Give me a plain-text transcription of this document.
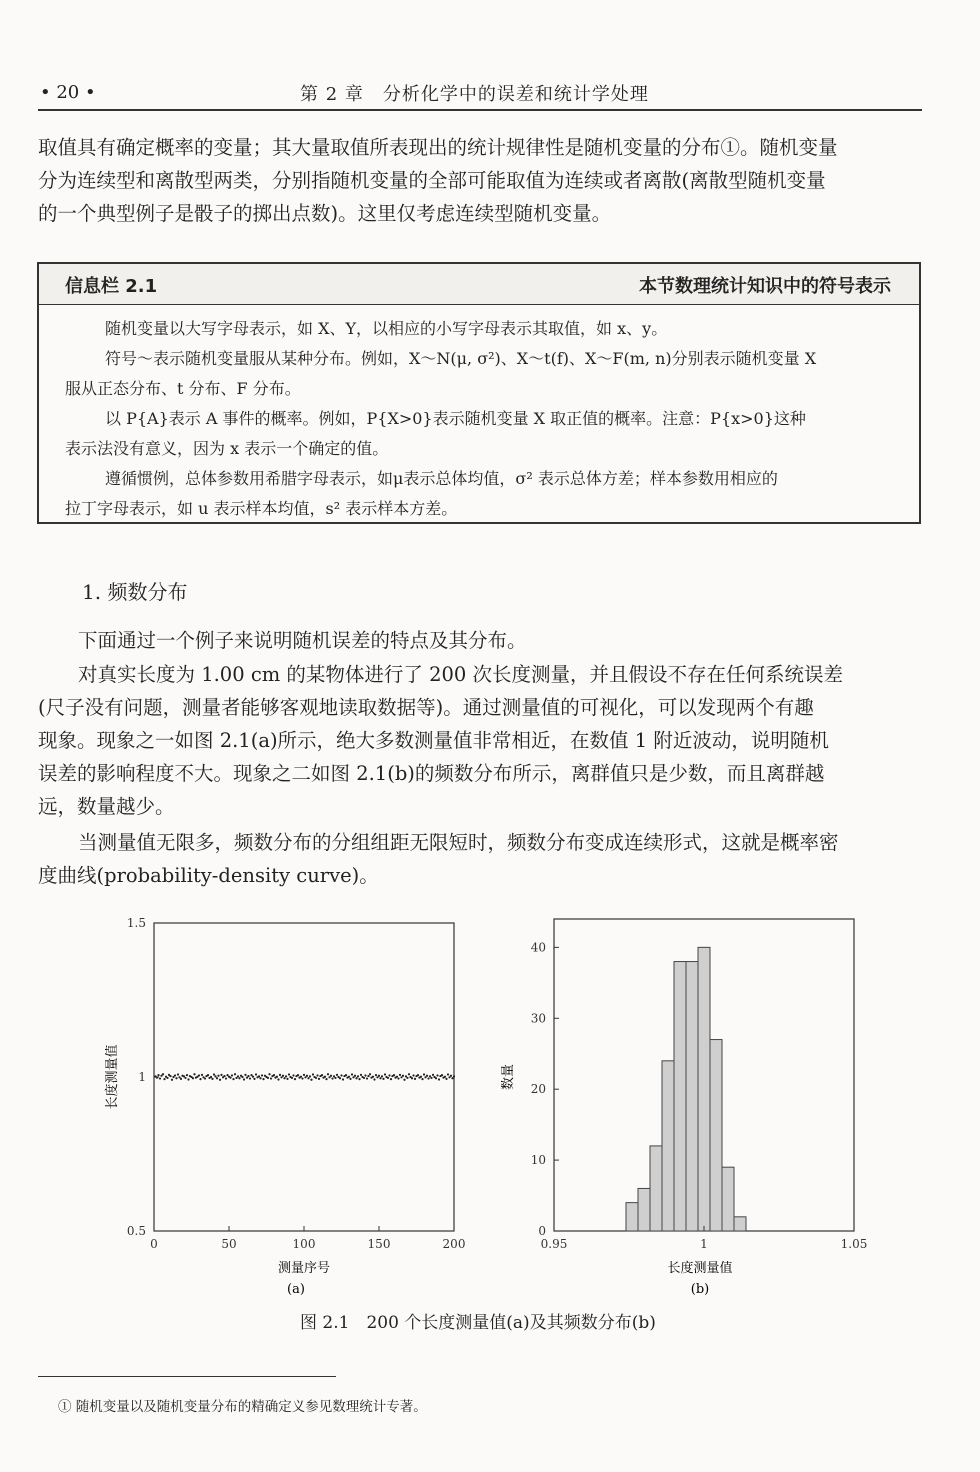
• 20 •	第 2 章　分析化学中的误差和统计学处理
取值具有确定概率的变量；其大量取值所表现出的统计规律性是随机变量的分布①。随机变量
分为连续型和离散型两类，分别指随机变量的全部可能取值为连续或者离散(离散型随机变量
的一个典型例子是骰子的掷出点数)。这里仅考虑连续型随机变量。
信息栏 2.1	本节数理统计知识中的符号表示
随机变量以大写字母表示，如 X、Y，以相应的小写字母表示其取值，如 x、y。
符号～表示随机变量服从某种分布。例如，X～N(μ, σ²)、X～t(f)、X～F(m, n)分别表示随机变量 X
服从正态分布、t 分布、F 分布。
以 P{A}表示 A 事件的概率。例如，P{X>0}表示随机变量 X 取正值的概率。注意：P{x>0}这种
表示法没有意义，因为 x 表示一个确定的值。
遵循惯例，总体参数用希腊字母表示，如μ表示总体均值，σ² 表示总体方差；样本参数用相应的
拉丁字母表示，如 u 表示样本均值，s² 表示样本方差。
1. 频数分布
下面通过一个例子来说明随机误差的特点及其分布。
对真实长度为 1.00 cm 的某物体进行了 200 次长度测量，并且假设不存在任何系统误差
(尺子没有问题，测量者能够客观地读取数据等)。通过测量值的可视化，可以发现两个有趣
现象。现象之一如图 2.1(a)所示，绝大多数测量值非常相近，在数值 1 附近波动，说明随机
误差的影响程度不大。现象之二如图 2.1(b)的频数分布所示，离群值只是少数，而且离群越
远，数量越少。
当测量值无限多，频数分布的分组组距无限短时，频数分布变成连续形式，这就是概率密
度曲线(probability-density curve)。
0	50	100	150	200
0.5
1
1.5
测量序号
(a)
长度测量值
0.95	1	1.05
0
10
20
30
40
长度测量值
(b)
数量
图 2.1　200 个长度测量值(a)及其频数分布(b)
① 随机变量以及随机变量分布的精确定义参见数理统计专著。
